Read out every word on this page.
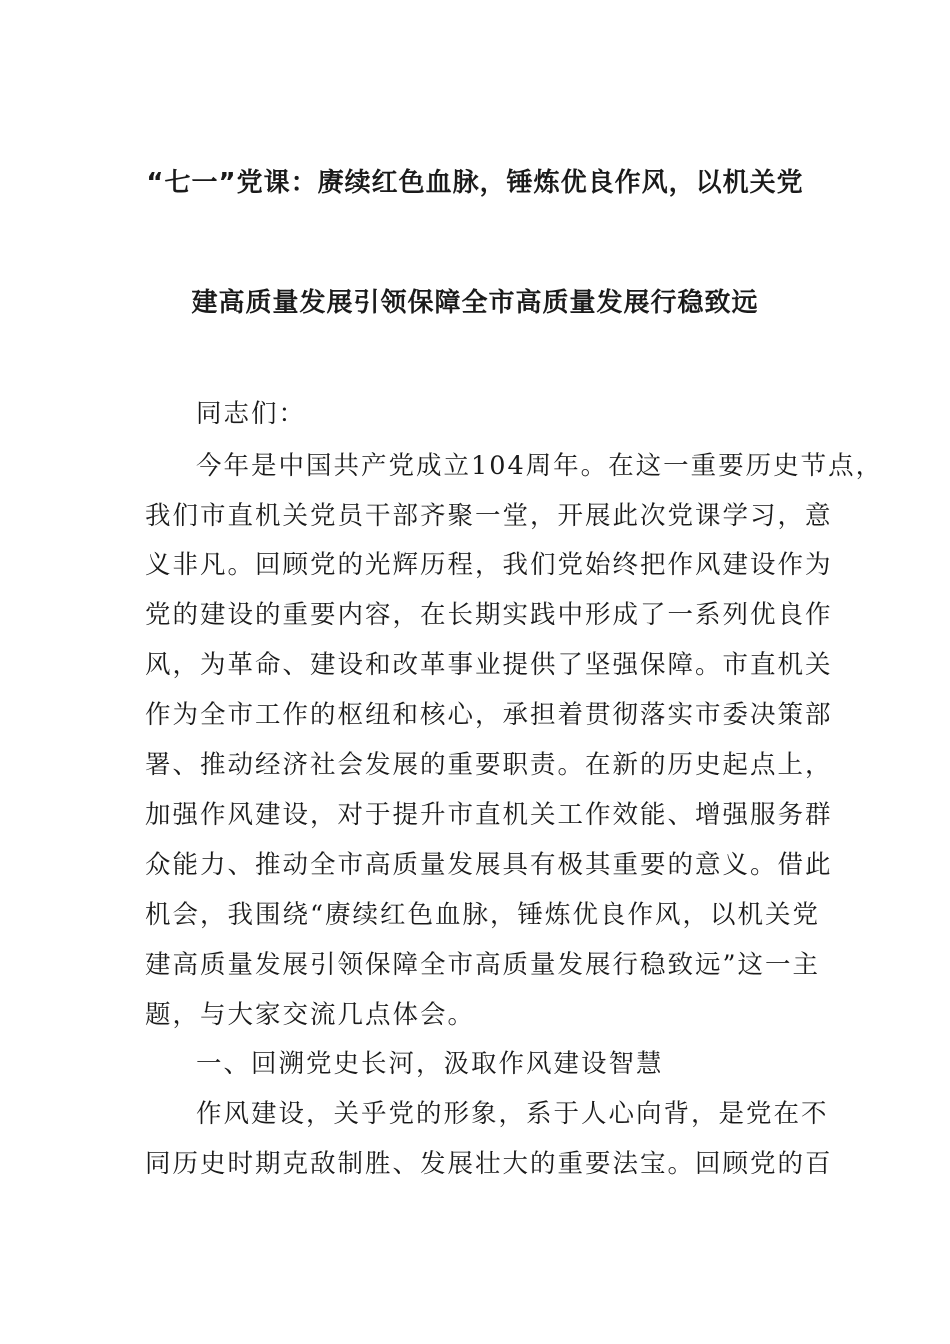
“七一”党课：赓续红色血脉，锤炼优良作风，以机关党
建高质量发展引领保障全市高质量发展行稳致远
同志们：
今年是中国共产党成立104周年。在这一重要历史节点，
我们市直机关党员干部齐聚一堂，开展此次党课学习，意
义非凡。回顾党的光辉历程，我们党始终把作风建设作为
党的建设的重要内容，在长期实践中形成了一系列优良作
风，为革命、建设和改革事业提供了坚强保障。市直机关
作为全市工作的枢纽和核心，承担着贯彻落实市委决策部
署、推动经济社会发展的重要职责。在新的历史起点上，
加强作风建设，对于提升市直机关工作效能、增强服务群
众能力、推动全市高质量发展具有极其重要的意义。借此
机会，我围绕“赓续红色血脉，锤炼优良作风，以机关党
建高质量发展引领保障全市高质量发展行稳致远”这一主
题，与大家交流几点体会。
一、回溯党史长河，汲取作风建设智慧
作风建设，关乎党的形象，系于人心向背，是党在不
同历史时期克敌制胜、发展壮大的重要法宝。回顾党的百
